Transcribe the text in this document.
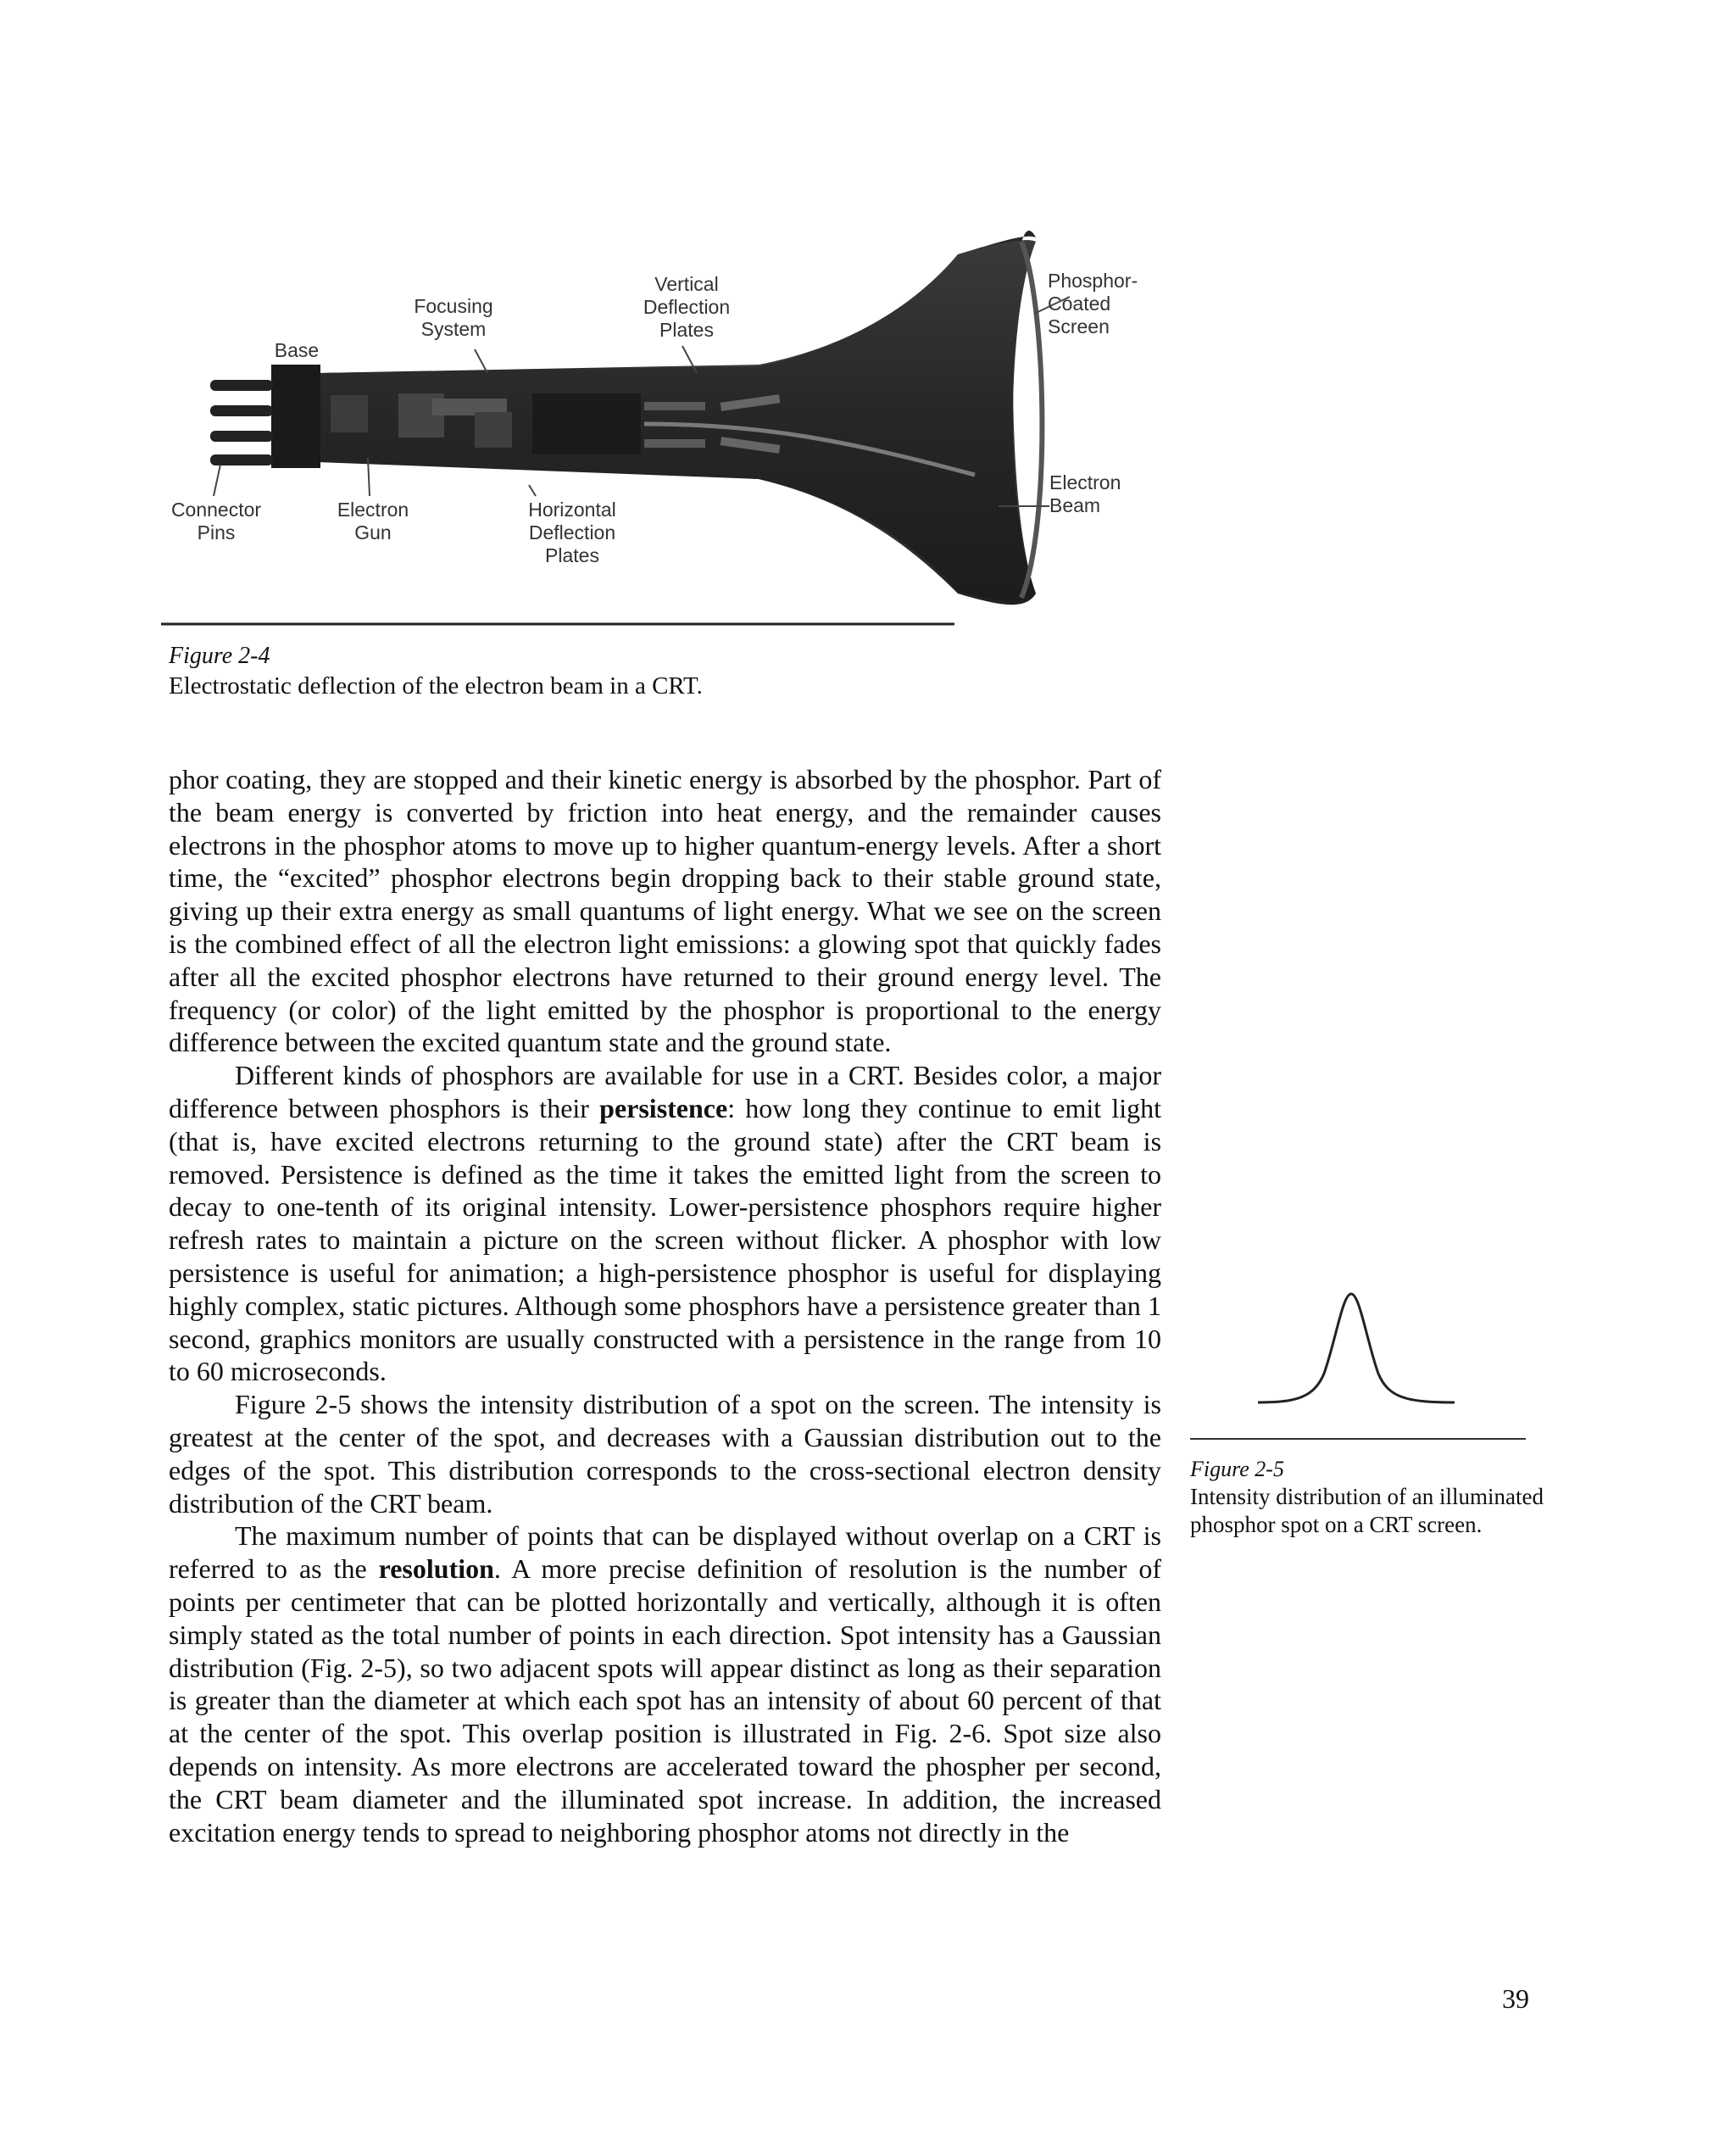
Vertical
Deflection
Plates
Focusing
System
Base
Phosphor-
Coated
Screen
Electron
Beam
Connector
Pins
Electron
Gun
Horizontal
Deflection
Plates
Figure 2-4
Electrostatic deflection of the electron beam in a CRT.

phor coating, they are stopped and their kinetic energy is absorbed by the phosphor. Part of the beam energy is converted by friction into heat energy, and the remainder causes electrons in the phosphor atoms to move up to higher quantum-energy levels. After a short time, the “excited” phosphor electrons begin dropping back to their stable ground state, giving up their extra energy as small quantums of light energy. What we see on the screen is the combined effect of all the electron light emissions: a glowing spot that quickly fades after all the excited phosphor electrons have returned to their ground energy level. The frequency (or color) of the light emitted by the phosphor is proportional to the energy difference between the excited quantum state and the ground state.

Different kinds of phosphors are available for use in a CRT. Besides color, a major difference between phosphors is their persistence: how long they continue to emit light (that is, have excited electrons returning to the ground state) after the CRT beam is removed. Persistence is defined as the time it takes the emitted light from the screen to decay to one-tenth of its original intensity. Lower-persistence phosphors require higher refresh rates to maintain a picture on the screen without flicker. A phosphor with low persistence is useful for animation; a high-persistence phosphor is useful for displaying highly complex, static pictures. Although some phosphors have a persistence greater than 1 second, graphics monitors are usually constructed with a persistence in the range from 10 to 60 microseconds.

Figure 2-5 shows the intensity distribution of a spot on the screen. The intensity is greatest at the center of the spot, and decreases with a Gaussian distribution out to the edges of the spot. This distribution corresponds to the cross-sectional electron density distribution of the CRT beam.

The maximum number of points that can be displayed without overlap on a CRT is referred to as the resolution. A more precise definition of resolution is the number of points per centimeter that can be plotted horizontally and vertically, although it is often simply stated as the total number of points in each direction. Spot intensity has a Gaussian distribution (Fig. 2-5), so two adjacent spots will appear distinct as long as their separation is greater than the diameter at which each spot has an intensity of about 60 percent of that at the center of the spot. This overlap position is illustrated in Fig. 2-6. Spot size also depends on intensity. As more electrons are accelerated toward the phospher per second, the CRT beam diameter and the illuminated spot increase. In addition, the increased excitation energy tends to spread to neighboring phosphor atoms not directly in the

Figure 2-5
Intensity distribution of an illuminated phosphor spot on a CRT screen.
39
